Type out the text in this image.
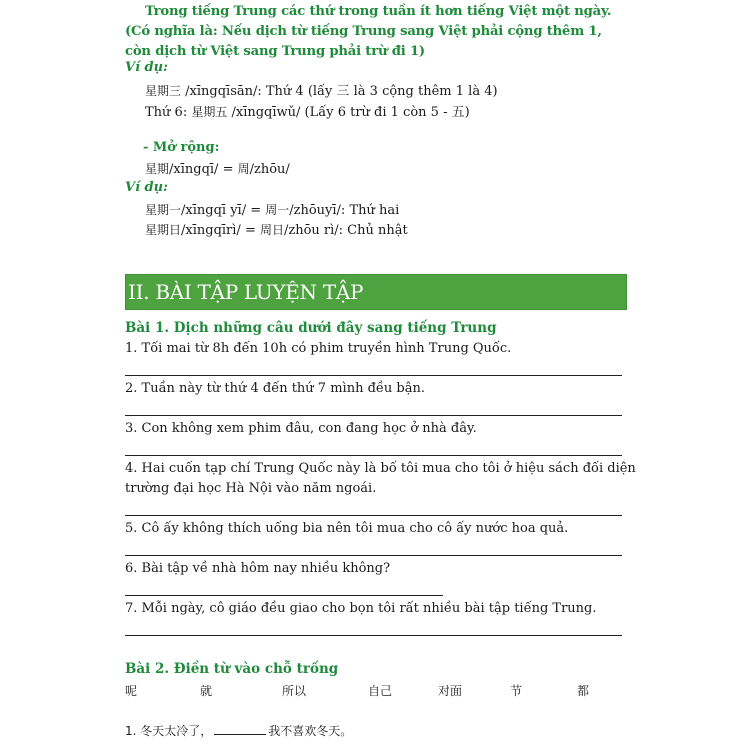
Trong tiếng Trung các thứ trong tuần ít hơn tiếng Việt một ngày. (Có nghĩa là: Nếu dịch từ tiếng Trung sang Việt phải cộng thêm 1, còn dịch từ Việt sang Trung phải trừ đi 1)
Ví dụ:
星期三 /xīngqīsān/: Thứ 4 (lấy 三 là 3 cộng thêm 1 là 4)
Thứ 6: 星期五 /xīngqīwǔ/ (Lấy 6 trừ đi 1 còn 5 - 五)
- Mở rộng:
星期/xīngqī/ = 周/zhōu/
Ví dụ:
星期一/xīngqī yī/ = 周一/zhōuyī/: Thứ hai
星期日/xīngqīrì/ = 周日/zhōu rì/: Chủ nhật
II. BÀI TẬP LUYỆN TẬP
Bài 1. Dịch những câu dưới đây sang tiếng Trung
1. Tối mai từ 8h đến 10h có phim truyền hình Trung Quốc.
2. Tuần này từ thứ 4 đến thứ 7 mình đều bận.
3. Con không xem phim đâu, con đang học ở nhà đây.
4. Hai cuốn tạp chí Trung Quốc này là bố tôi mua cho tôi ở hiệu sách đối diện
trường đại học Hà Nội vào năm ngoái.
5. Cô ấy không thích uống bia nên tôi mua cho cô ấy nước hoa quả.
6. Bài tập về nhà hôm nay nhiều không?
7. Mỗi ngày, cô giáo đều giao cho bọn tôi rất nhiều bài tập tiếng Trung.
Bài 2. Điền từ vào chỗ trống
呢	就	所以	自己	对面	节	都
1. 冬天太冷了，	我不喜欢冬天。
